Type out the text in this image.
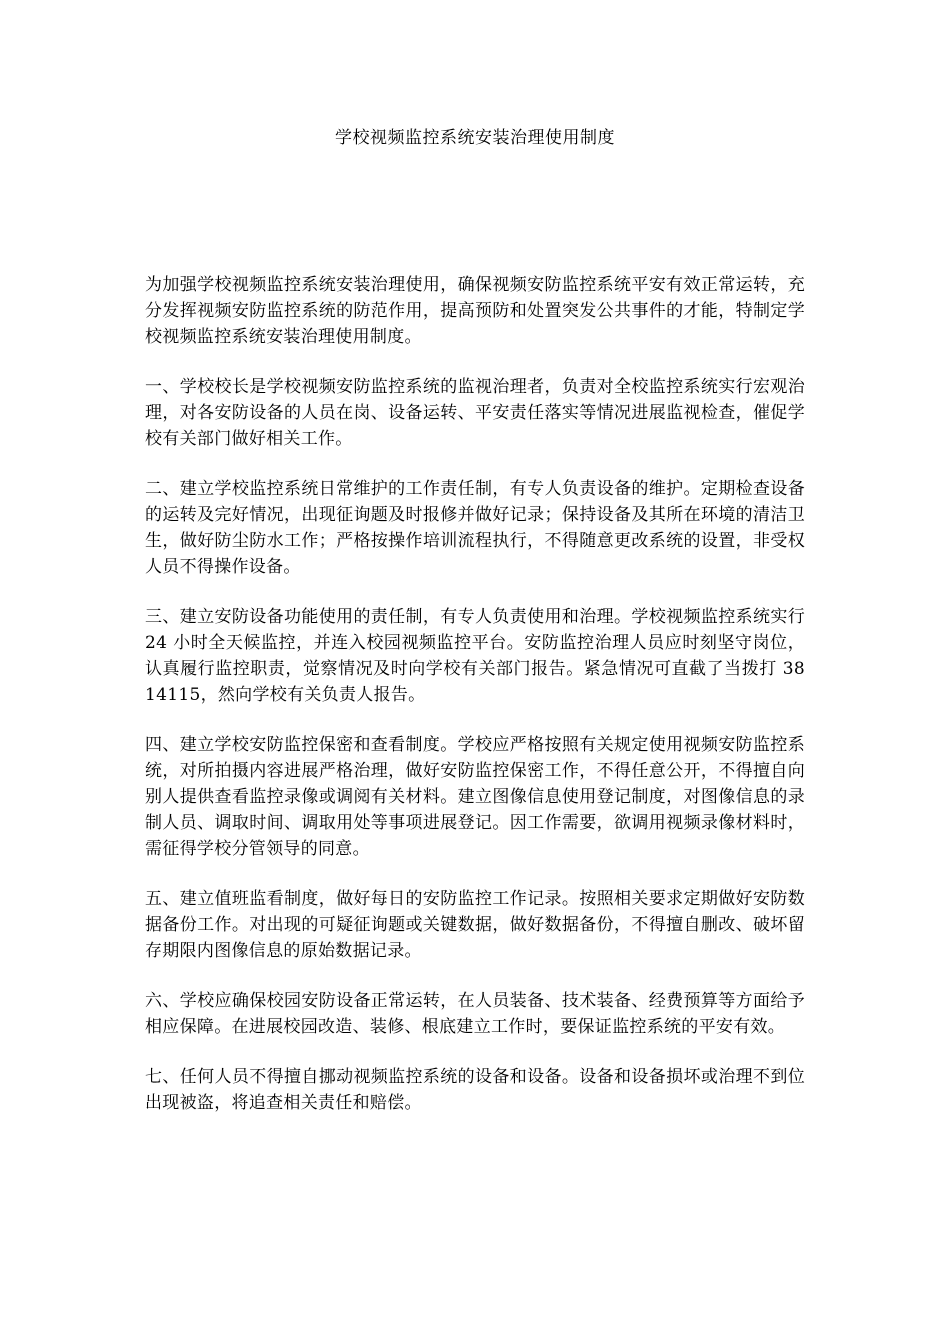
学校视频监控系统安装治理使用制度

为加强学校视频监控系统安装治理使用，确保视频安防监控系统平安有效正常运转，充分发挥视频安防监控系统的防范作用，提高预防和处置突发公共事件的才能，特制定学校视频监控系统安装治理使用制度。

一、学校校长是学校视频安防监控系统的监视治理者，负责对全校监控系统实行宏观治理，对各安防设备的人员在岗、设备运转、平安责任落实等情况进展监视检查，催促学校有关部门做好相关工作。

二、建立学校监控系统日常维护的工作责任制，有专人负责设备的维护。定期检查设备的运转及完好情况，出现征询题及时报修并做好记录；保持设备及其所在环境的清洁卫生，做好防尘防水工作；严格按操作培训流程执行，不得随意更改系统的设置，非受权人员不得操作设备。

三、建立安防设备功能使用的责任制，有专人负责使用和治理。学校视频监控系统实行 24 小时全天候监控，并连入校园视频监控平台。安防监控治理人员应时刻坚守岗位，认真履行监控职责，觉察情况及时向学校有关部门报告。紧急情况可直截了当拨打 3814115，然向学校有关负责人报告。

四、建立学校安防监控保密和查看制度。学校应严格按照有关规定使用视频安防监控系统，对所拍摄内容进展严格治理，做好安防监控保密工作，不得任意公开，不得擅自向别人提供查看监控录像或调阅有关材料。建立图像信息使用登记制度，对图像信息的录制人员、调取时间、调取用处等事项进展登记。因工作需要，欲调用视频录像材料时，需征得学校分管领导的同意。

五、建立值班监看制度，做好每日的安防监控工作记录。按照相关要求定期做好安防数据备份工作。对出现的可疑征询题或关键数据，做好数据备份，不得擅自删改、破坏留存期限内图像信息的原始数据记录。

六、学校应确保校园安防设备正常运转，在人员装备、技术装备、经费预算等方面给予相应保障。在进展校园改造、装修、根底建立工作时，要保证监控系统的平安有效。

七、任何人员不得擅自挪动视频监控系统的设备和设备。设备和设备损坏或治理不到位出现被盗，将追查相关责任和赔偿。
